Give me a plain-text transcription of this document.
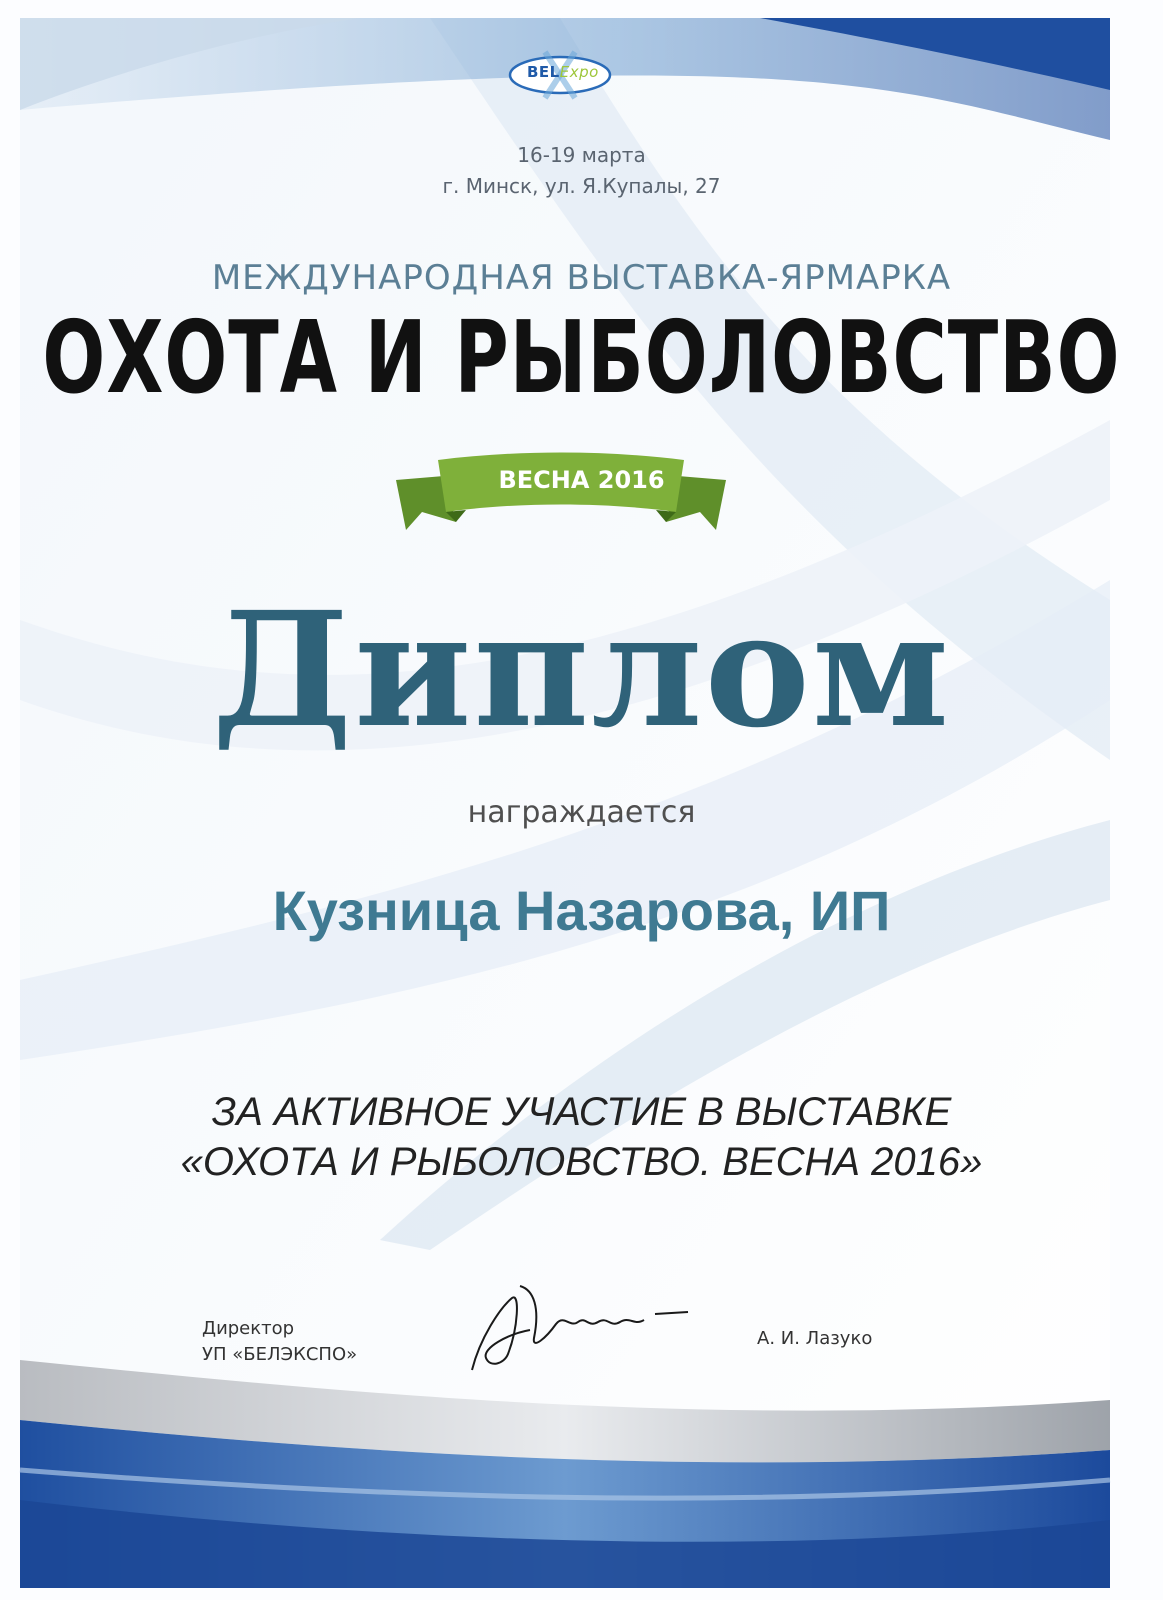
BELExpo
16-19 марта
г. Минск, ул. Я.Купалы, 27
МЕЖДУНАРОДНАЯ ВЫСТАВКА-ЯРМАРКА
ОХОТА И РЫБОЛОВСТВО
ВЕСНА 2016
Диплом
награждается
Кузница Назарова, ИП
ЗА АКТИВНОЕ УЧАСТИЕ В ВЫСТАВКЕ
«ОХОТА И РЫБОЛОВСТВО. ВЕСНА 2016»
Директор
УП «БЕЛЭКСПО»
А. И. Лазуко
